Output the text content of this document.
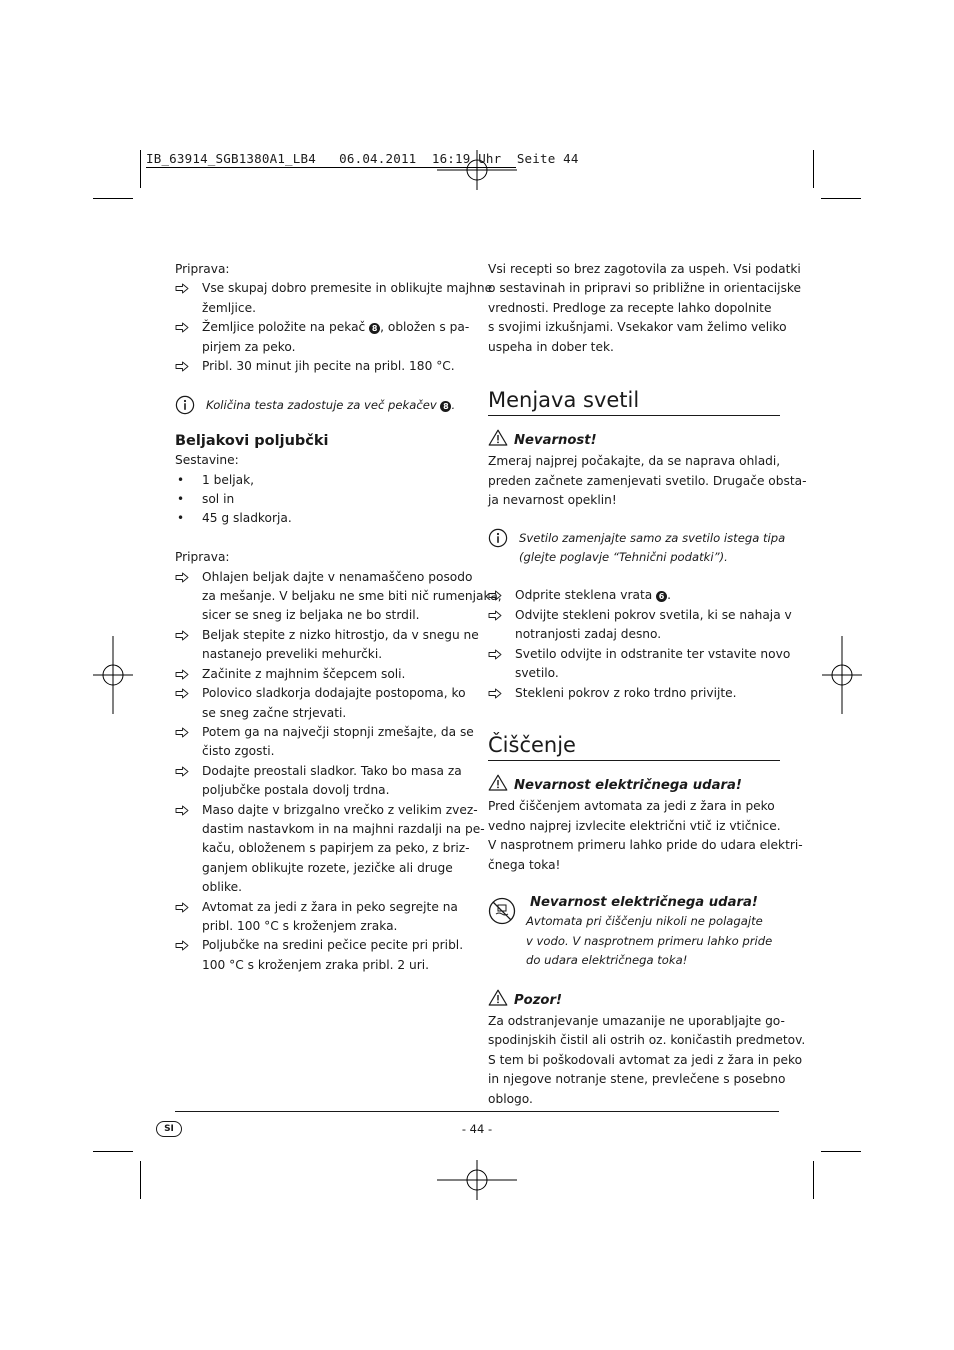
IB_63914_SGB1380A1_LB4   06.04.2011  16:19 Uhr  Seite 44
Priprava:
Vse skupaj dobro premesite in oblikujte majhne
žemljice.
Žemljice položite na pekač 8 , obložen s pa-
pirjem za peko.
Pribl. 30 minut jih pecite na pribl. 180 °C.
Količina testa zadostuje za več pekačev 8 .
Beljakovi poljubčki
Sestavine:
• 1 beljak,
• sol in
• 45 g sladkorja.
Priprava:
Ohlajen beljak dajte v nenamaščeno posodo
za mešanje. V beljaku ne sme biti nič rumenjaka,
sicer se sneg iz beljaka ne bo strdil.
Beljak stepite z nizko hitrostjo, da v snegu ne
nastanejo preveliki mehurčki.
Začinite z majhnim ščepcem soli.
Polovico sladkorja dodajajte postopoma, ko
se sneg začne strjevati.
Potem ga na največji stopnji zmešajte, da se
čisto zgosti.
Dodajte preostali sladkor. Tako bo masa za
poljubčke postala dovolj trdna.
Maso dajte v brizgalno vrečko z velikim zvez-
dastim nastavkom in na majhni razdalji na pe-
kaču, obloženem s papirjem za peko, z briz-
ganjem oblikujte rozete, jezičke ali druge
oblike.
Avtomat za jedi z žara in peko segrejte na
pribl. 100 °C s kroženjem zraka.
Poljubčke na sredini pečice pecite pri pribl.
100 °C s kroženjem zraka pribl. 2 uri.
Vsi recepti so brez zagotovila za uspeh. Vsi podatki
o sestavinah in pripravi so približne in orientacijske
vrednosti. Predloge za recepte lahko dopolnite
s svojimi izkušnjami. Vsekakor vam želimo veliko
uspeha in dober tek.
Menjava svetil
Nevarnost!
Zmeraj najprej počakajte, da se naprava ohladi,
preden začnete zamenjevati svetilo. Drugače obsta-
ja nevarnost opeklin!
Svetilo zamenjajte samo za svetilo istega tipa
(glejte poglavje “Tehnični podatki”).
Odprite steklena vrata 6 .
Odvijte stekleni pokrov svetila, ki se nahaja v
notranjosti zadaj desno.
Svetilo odvijte in odstranite ter vstavite novo
svetilo.
Stekleni pokrov z roko trdno privijte.
Čiščenje
Nevarnost električnega udara!
Pred čiščenjem avtomata za jedi z žara in peko
vedno najprej izvlecite električni vtič iz vtičnice.
V nasprotnem primeru lahko pride do udara elektri-
čnega toka!
Nevarnost električnega udara!
Avtomata pri čiščenju nikoli ne polagajte
v vodo. V nasprotnem primeru lahko pride
do udara električnega toka!
Pozor!
Za odstranjevanje umazanije ne uporabljajte go-
spodinjskih čistil ali ostrih oz. koničastih predmetov.
S tem bi poškodovali avtomat za jedi z žara in peko
in njegove notranje stene, prevlečene s posebno
oblogo.
SI	- 44 -
